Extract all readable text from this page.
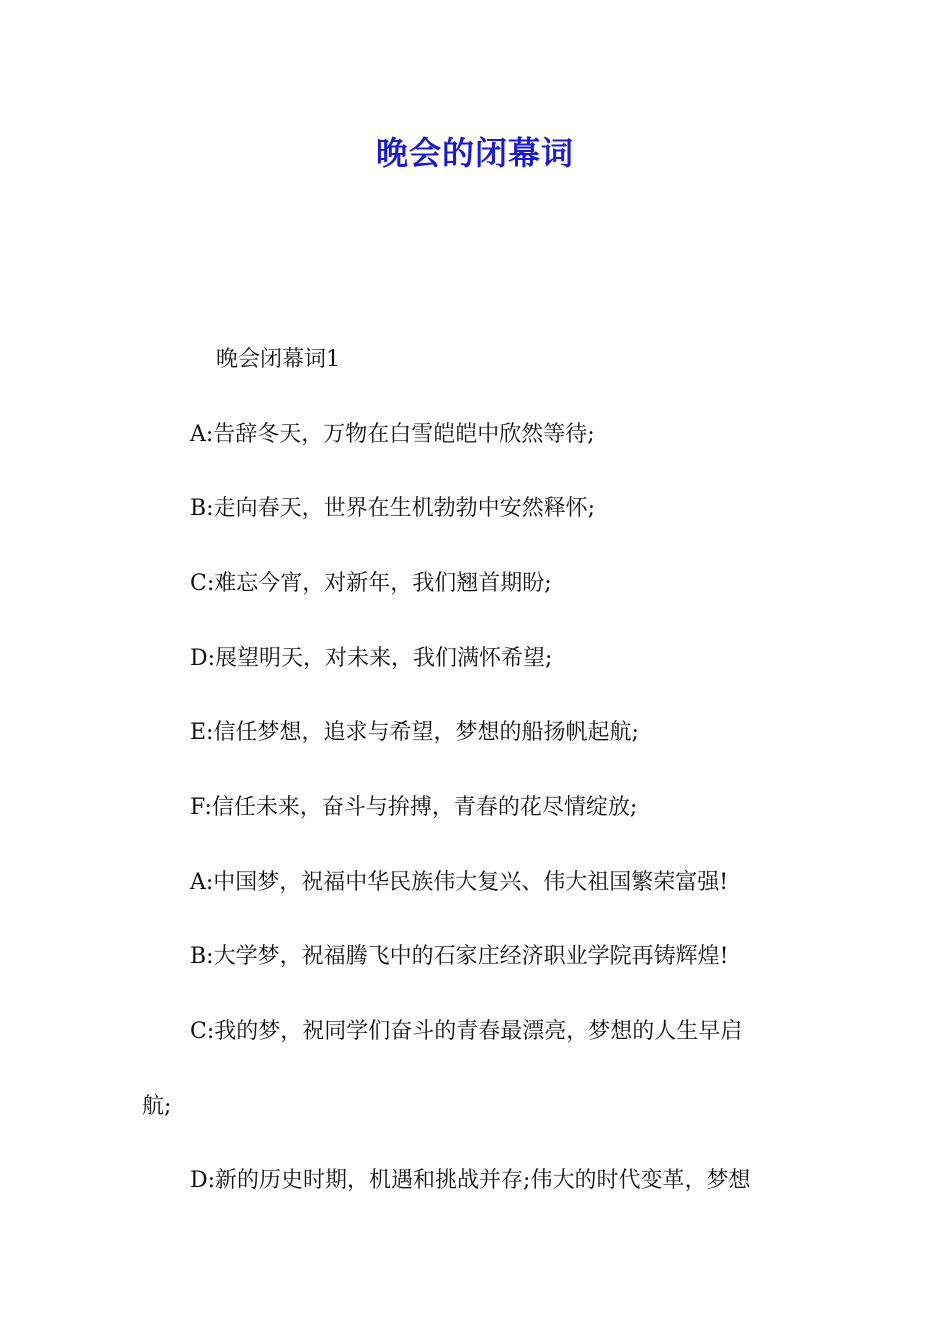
晚会的闭幕词
晚会闭幕词1
A:告辞冬天，万物在白雪皑皑中欣然等待;
B:走向春天，世界在生机勃勃中安然释怀;
C:难忘今宵，对新年，我们翘首期盼;
D:展望明天，对未来，我们满怀希望;
E:信任梦想，追求与希望，梦想的船扬帆起航;
F:信任未来，奋斗与拚搏，青春的花尽情绽放;
A:中国梦，祝福中华民族伟大复兴、伟大祖国繁荣富强!
B:大学梦，祝福腾飞中的石家庄经济职业学院再铸辉煌!
C:我的梦，祝同学们奋斗的青春最漂亮，梦想的人生早启
航;
D:新的历史时期，机遇和挑战并存;伟大的时代变革，梦想
